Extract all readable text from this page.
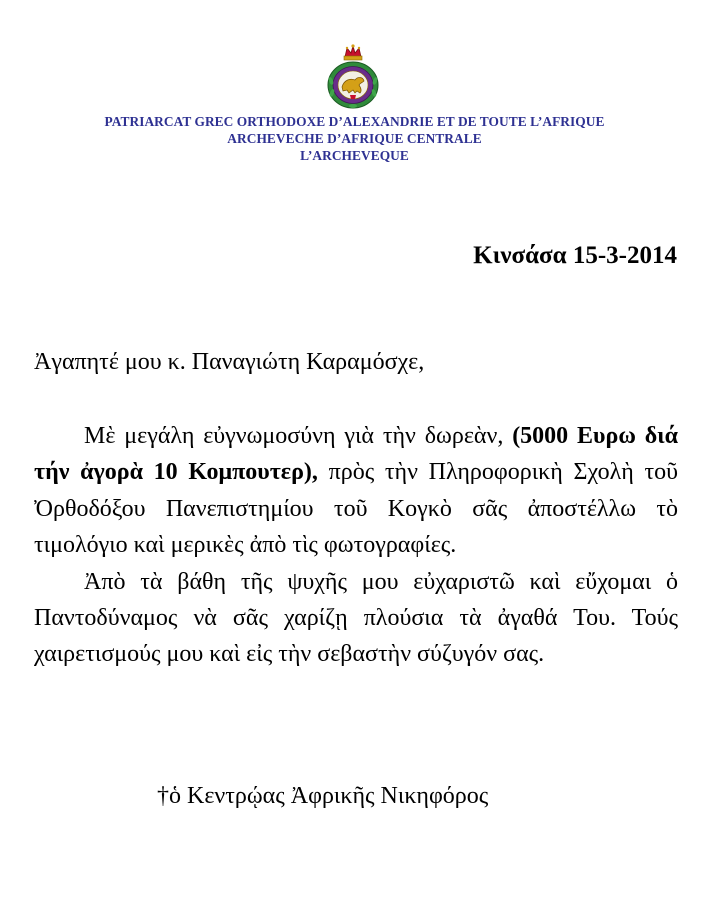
PATRIARCAT GREC ORTHODOXE D’ALEXANDRIE ET DE TOUTE L’AFRIQUE
ARCHEVECHE D’AFRIQUE CENTRALE
L’ARCHEVEQUE
Κινσάσα 15-3-2014
Ἀγαπητέ μου κ. Παναγιώτη Καραμόσχε,

Μὲ μεγάλη εὐγνωμοσύνη γιὰ τὴν δωρεὰν, (5000 Ευρω διά τήν ἀγορὰ 10 Κομπουτερ), πρὸς τὴν Πληροφορικὴ Σχολὴ τοῦ Ὀρθοδόξου Πανεπιστημίου τοῦ Κογκὸ σᾶς ἀποστέλλω τὸ τιμολόγιο καὶ μερικὲς ἀπὸ τὶς φωτογραφίες.

Ἀπὸ τὰ βάθη τῆς ψυχῆς μου εὐχαριστῶ καὶ εὔχομαι ὁ Παντοδύναμος νὰ σᾶς χαρίζῃ πλούσια τὰ ἀγαθά Του. Τούς χαιρετισμούς μου καὶ εἰς τὴν σεβαστὴν σύζυγόν σας.

†ὁ Κεντρῴας Ἀφρικῆς Νικηφόρος
